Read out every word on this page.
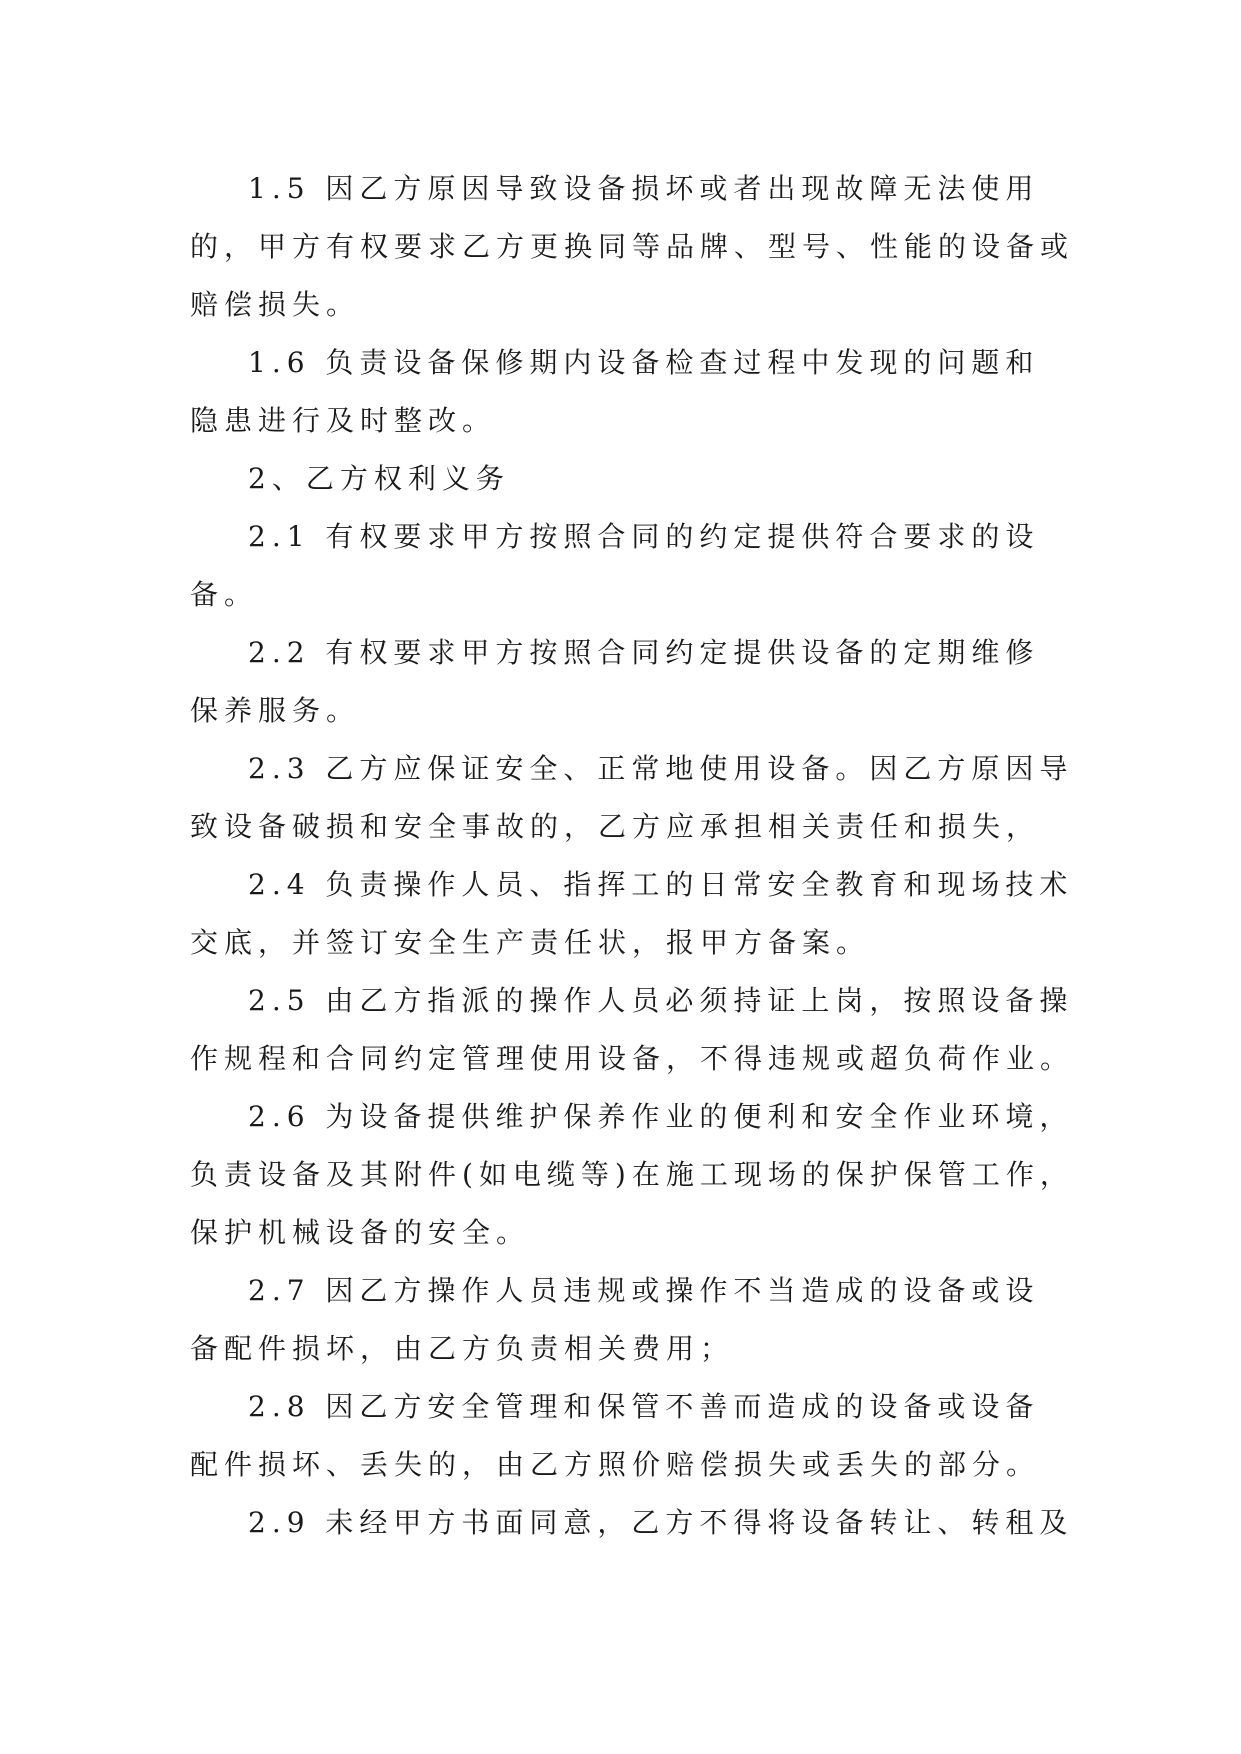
1.5 因乙方原因导致设备损坏或者出现故障无法使用
的，甲方有权要求乙方更换同等品牌、型号、性能的设备或
赔偿损失。
1.6 负责设备保修期内设备检查过程中发现的问题和
隐患进行及时整改。
2、乙方权利义务
2.1 有权要求甲方按照合同的约定提供符合要求的设
备。
2.2 有权要求甲方按照合同约定提供设备的定期维修
保养服务。
2.3 乙方应保证安全、正常地使用设备。因乙方原因导
致设备破损和安全事故的，乙方应承担相关责任和损失，
2.4 负责操作人员、指挥工的日常安全教育和现场技术
交底，并签订安全生产责任状，报甲方备案。
2.5 由乙方指派的操作人员必须持证上岗，按照设备操
作规程和合同约定管理使用设备，不得违规或超负荷作业。
2.6 为设备提供维护保养作业的便利和安全作业环境，
负责设备及其附件(如电缆等)在施工现场的保护保管工作，
保护机械设备的安全。
2.7 因乙方操作人员违规或操作不当造成的设备或设
备配件损坏，由乙方负责相关费用；
2.8 因乙方安全管理和保管不善而造成的设备或设备
配件损坏、丢失的，由乙方照价赔偿损失或丢失的部分。
2.9 未经甲方书面同意，乙方不得将设备转让、转租及
